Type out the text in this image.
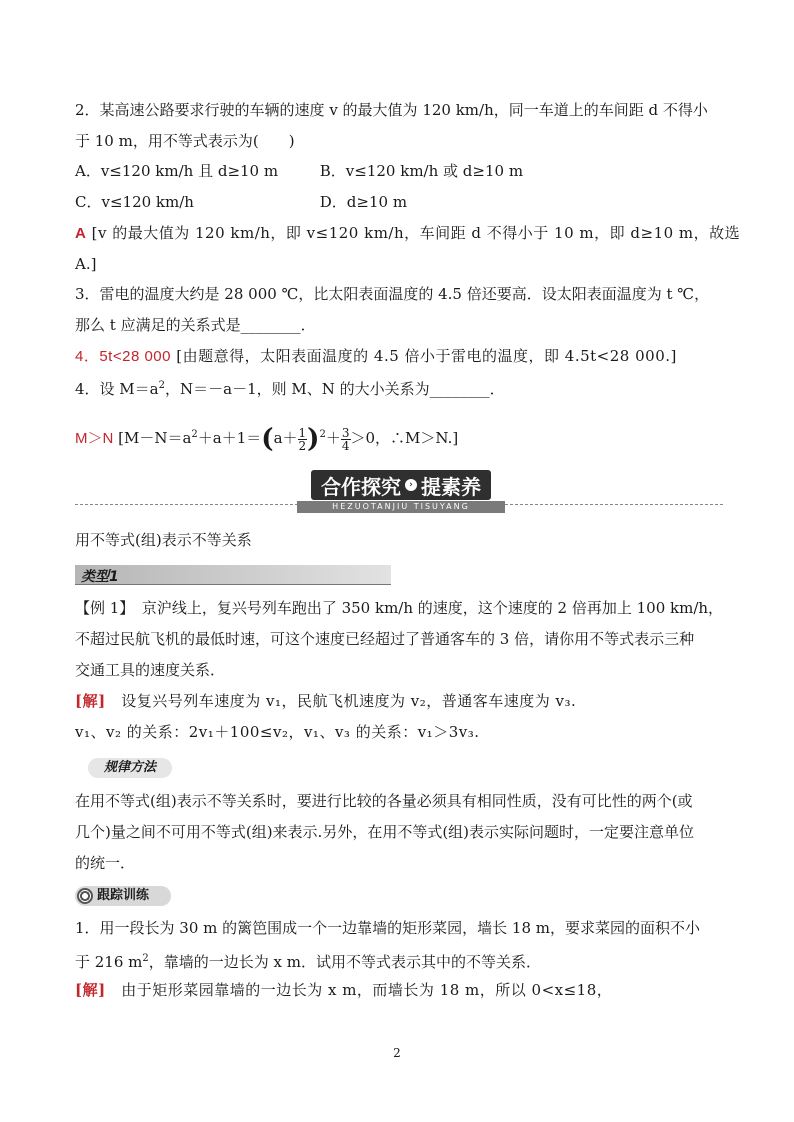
2．某高速公路要求行驶的车辆的速度 v 的最大值为 120 km/h，同一车道上的车间距 d 不得小
于 10 m，用不等式表示为(　　)
A．v≤120 km/h 且 d≥10 m	B．v≤120 km/h 或 d≥10 m
C．v≤120 km/h	D．d≥10 m
A [v 的最大值为 120 km/h，即 v≤120 km/h，车间距 d 不得小于 10 m，即 d≥10 m，故选
A.]
3．雷电的温度大约是 28 000 ℃，比太阳表面温度的 4.5 倍还要高．设太阳表面温度为 t ℃，
那么 t 应满足的关系式是________．
4．5t<28 000 [由题意得，太阳表面温度的 4.5 倍小于雷电的温度，即 4.5t<28 000.]
4．设 $M=a^2$，N＝－a－1，则 M、N 的大小关系为________．
M＞N [$M-N=a^2+a+1=(a+ \frac{1}{2} )^2+ \frac{3}{4} >0$，∴M＞N.]
合作探究 › 提素养
HEZUOTANJIU TISUYANG
用不等式(组)表示不等关系
类型1
【例 1】　京沪线上，复兴号列车跑出了 350 km/h 的速度，这个速度的 2 倍再加上 100 km/h，
不超过民航飞机的最低时速，可这个速度已经超过了普通客车的 3 倍，请你用不等式表示三种
交通工具的速度关系．
[解]　设复兴号列车速度为 v₁，民航飞机速度为 v₂，普通客车速度为 v₃.
v₁、v₂ 的关系：2v₁＋100≤v₂，v₁、v₃ 的关系：v₁＞3v₃.
规律方法
在用不等式(组)表示不等关系时，要进行比较的各量必须具有相同性质，没有可比性的两个(或
几个)量之间不可用不等式(组)来表示.另外，在用不等式(组)表示实际问题时，一定要注意单位
的统一．
跟踪训练
1．用一段长为 30 m 的篱笆围成一个一边靠墙的矩形菜园，墙长 18 m，要求菜园的面积不小
于 216 $m^2$，靠墙的一边长为 x m．试用不等式表示其中的不等关系．
[解]　由于矩形菜园靠墙的一边长为 x m，而墙长为 18 m，所以 0<x≤18，
2
